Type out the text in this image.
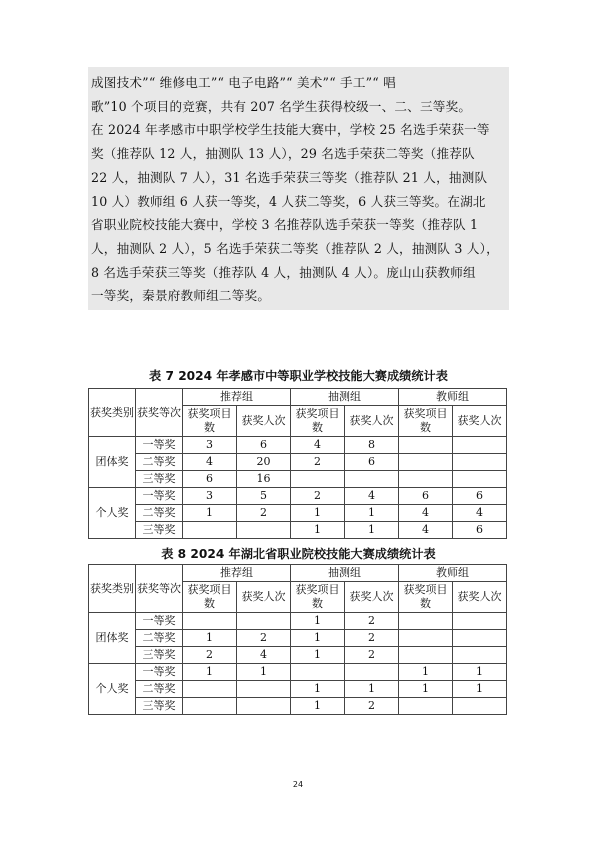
成图技术”“ 维修电工”“ 电子电路”“ 美术”“ 手工”“ 唱
歌”10 个项目的竞赛，共有 207 名学生获得校级一、二、三等奖。
在 2024 年孝感市中职学校学生技能大赛中，学校 25 名选手荣获一等
奖（推荐队 12 人，抽测队 13 人），29 名选手荣获二等奖（推荐队
22 人，抽测队 7 人），31 名选手荣获三等奖（推荐队 21 人，抽测队
10 人）教师组 6 人获一等奖，4 人获二等奖，6 人获三等奖。在湖北
省职业院校技能大赛中，学校 3 名推荐队选手荣获一等奖（推荐队 1
人，抽测队 2 人），5 名选手荣获二等奖（推荐队 2 人，抽测队 3 人），
8 名选手荣获三等奖（推荐队 4 人，抽测队 4 人）。庞山山获教师组
一等奖，秦景府教师组二等奖。
表 7 2024 年孝感市中等职业学校技能大赛成绩统计表
获奖类别	获奖等次	推荐组		抽测组		教师组	
		获奖项目数	获奖人次	获奖项目数	获奖人次	获奖项目数	获奖人次
团体奖	一等奖	3	6	4	8		
	二等奖	4	20	2	6		
	三等奖	6	16				
个人奖	一等奖	3	5	2	4	6	6
	二等奖	1	2	1	1	4	4
	三等奖			1	1	4	6
表 8 2024 年湖北省职业院校技能大赛成绩统计表
获奖类别	获奖等次	推荐组		抽测组		教师组	
		获奖项目数	获奖人次	获奖项目数	获奖人次	获奖项目数	获奖人次
团体奖	一等奖			1	2		
	二等奖	1	2	1	2		
	三等奖	2	4	1	2		
个人奖	一等奖	1	1			1	1
	二等奖			1	1	1	1
	三等奖			1	2		
24
